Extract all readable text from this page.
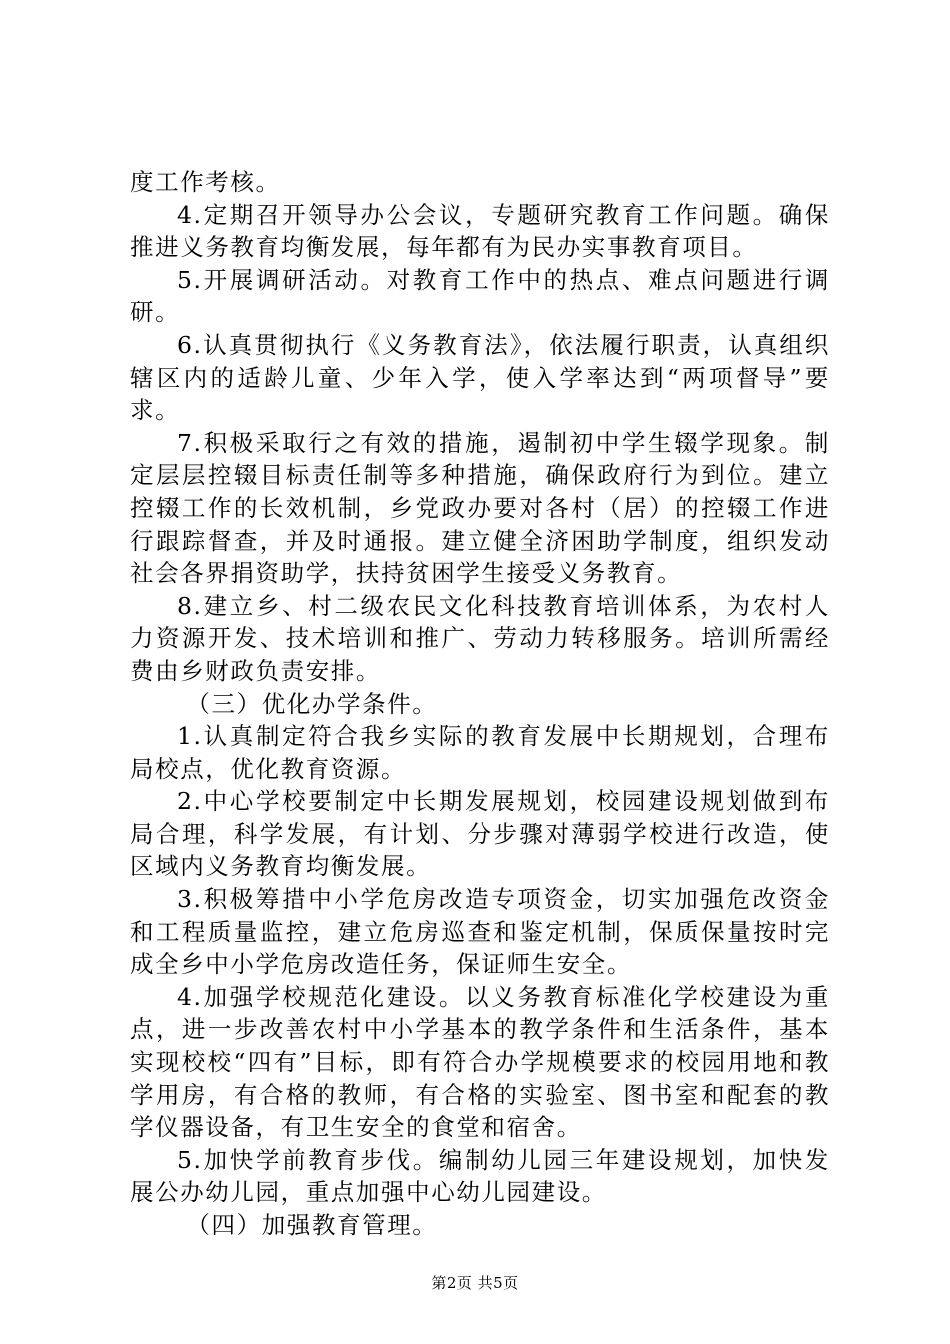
度工作考核。

4.定期召开领导办公会议，专题研究教育工作问题。确保推进义务教育均衡发展，每年都有为民办实事教育项目。

5.开展调研活动。对教育工作中的热点、难点问题进行调研。

6.认真贯彻执行《义务教育法》，依法履行职责，认真组织辖区内的适龄儿童、少年入学，使入学率达到“两项督导”要求。

7.积极采取行之有效的措施，遏制初中学生辍学现象。制定层层控辍目标责任制等多种措施，确保政府行为到位。建立控辍工作的长效机制，乡党政办要对各村（居）的控辍工作进行跟踪督查，并及时通报。建立健全济困助学制度，组织发动社会各界捐资助学，扶持贫困学生接受义务教育。

8.建立乡、村二级农民文化科技教育培训体系，为农村人力资源开发、技术培训和推广、劳动力转移服务。培训所需经费由乡财政负责安排。

（三）优化办学条件。

1.认真制定符合我乡实际的教育发展中长期规划，合理布局校点，优化教育资源。

2.中心学校要制定中长期发展规划，校园建设规划做到布局合理，科学发展，有计划、分步骤对薄弱学校进行改造，使区域内义务教育均衡发展。

3.积极筹措中小学危房改造专项资金，切实加强危改资金和工程质量监控，建立危房巡查和鉴定机制，保质保量按时完成全乡中小学危房改造任务，保证师生安全。

4.加强学校规范化建设。以义务教育标准化学校建设为重点，进一步改善农村中小学基本的教学条件和生活条件，基本实现校校“四有”目标，即有符合办学规模要求的校园用地和教学用房，有合格的教师，有合格的实验室、图书室和配套的教学仪器设备，有卫生安全的食堂和宿舍。

5.加快学前教育步伐。编制幼儿园三年建设规划，加快发展公办幼儿园，重点加强中心幼儿园建设。

（四）加强教育管理。

第2页 共5页
